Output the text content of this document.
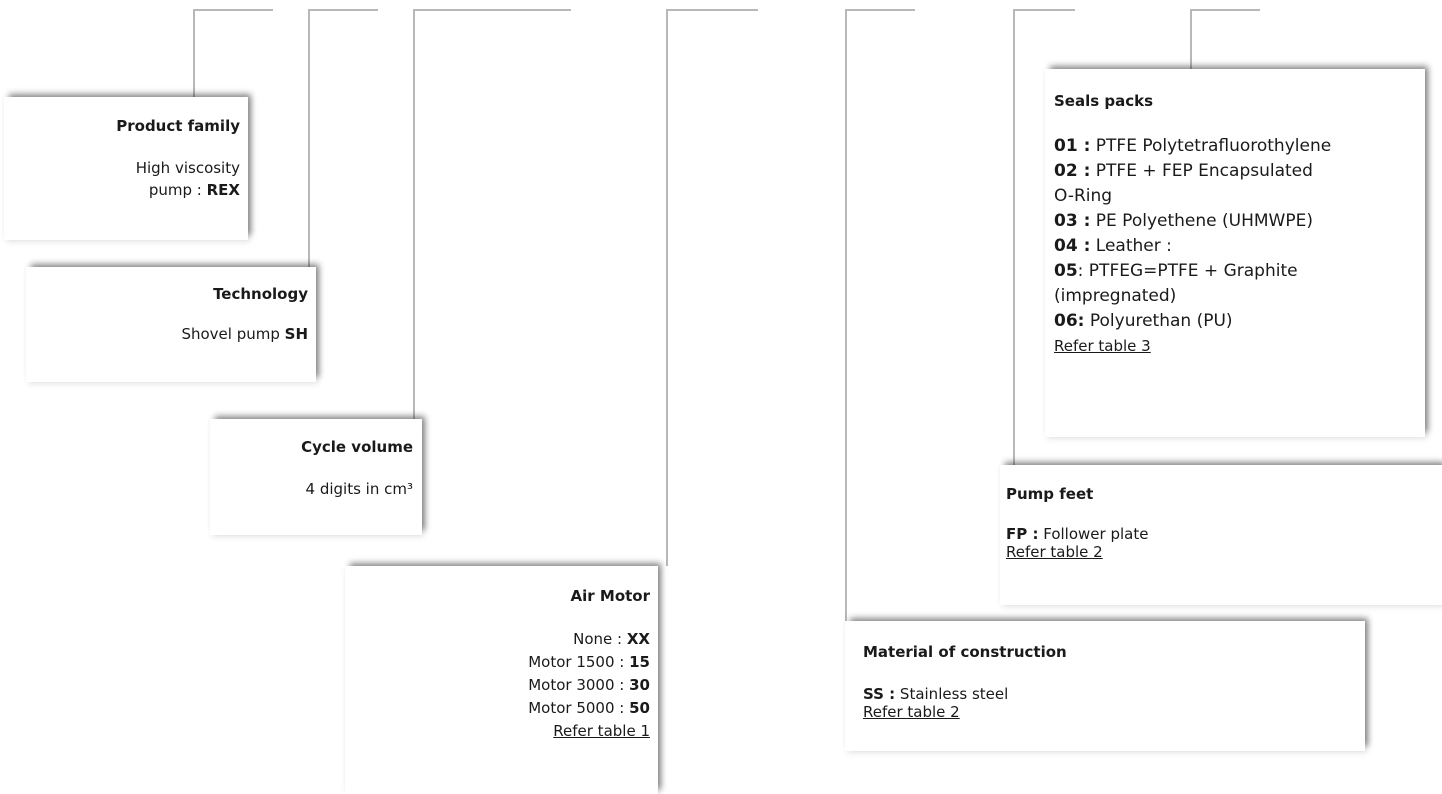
Product family
High viscosity
pump : REX
Technology
Shovel pump SH
Cycle volume
4 digits in cm³
Air Motor
None : XX
Motor 1500 : 15
Motor 3000 : 30
Motor 5000 : 50
Refer table 1
Seals packs
01 : PTFE Polytetrafluorothylene
02 : PTFE + FEP Encapsulated
O-Ring
03 : PE Polyethene (UHMWPE)
04 : Leather :
05: PTFEG=PTFE + Graphite
(impregnated)
06: Polyurethan (PU)
Refer table 3
Pump feet
FP : Follower plate
Refer table 2
Material of construction
SS : Stainless steel
Refer table 2
